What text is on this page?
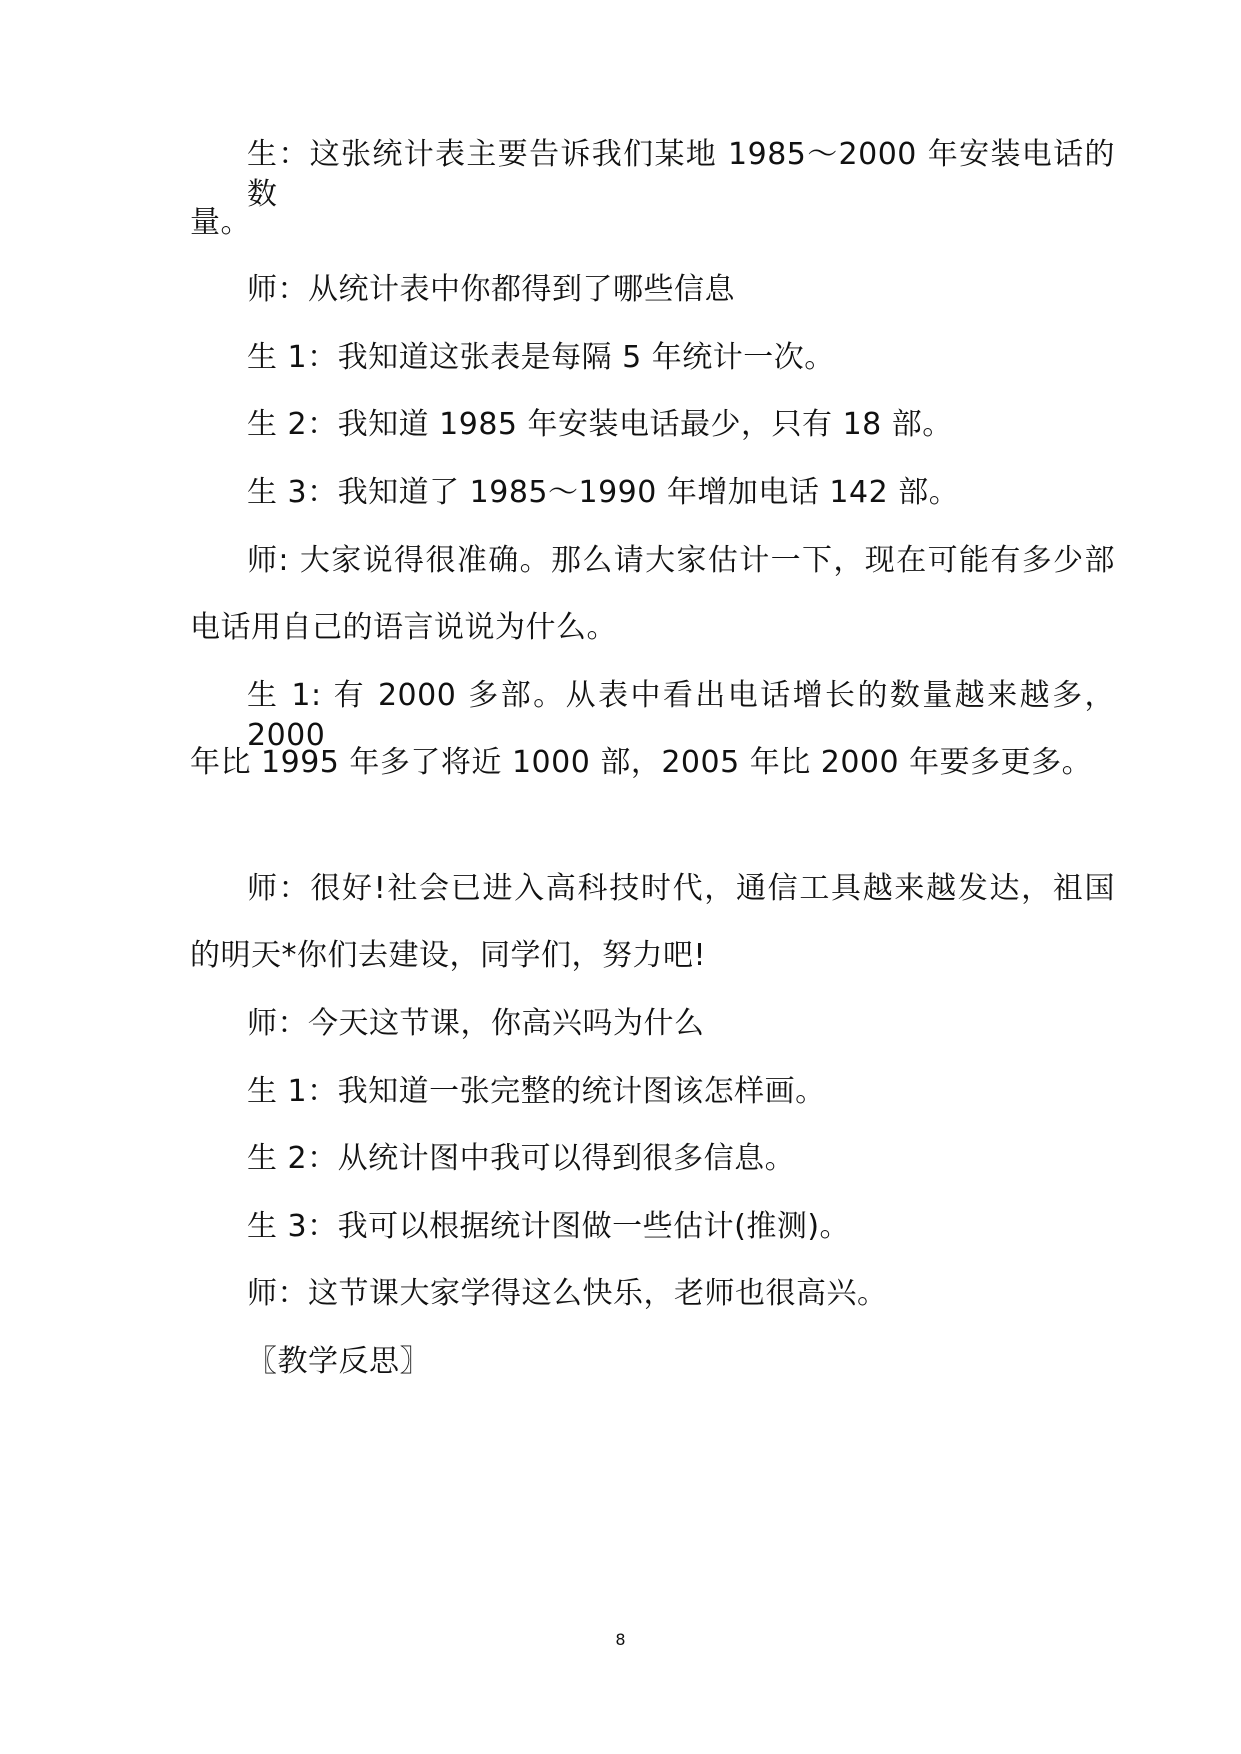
生：这张统计表主要告诉我们某地 1985～2000 年安装电话的数
量。
师：从统计表中你都得到了哪些信息
生 1：我知道这张表是每隔 5 年统计一次。
生 2：我知道 1985 年安装电话最少，只有 18 部。
生 3：我知道了 1985～1990 年增加电话 142 部。
师: 大家说得很准确。那么请大家估计一下，现在可能有多少部
电话用自己的语言说说为什么。
生 1: 有 2000 多部。从表中看出电话增长的数量越来越多，2000
年比 1995 年多了将近 1000 部，2005 年比 2000 年要多更多。
师：很好!社会已进入高科技时代，通信工具越来越发达，祖国
的明天*你们去建设，同学们，努力吧!
师：今天这节课，你高兴吗为什么
生 1：我知道一张完整的统计图该怎样画。
生 2：从统计图中我可以得到很多信息。
生 3：我可以根据统计图做一些估计(推测)。
师：这节课大家学得这么快乐，老师也很高兴。
〖教学反思〗
8
